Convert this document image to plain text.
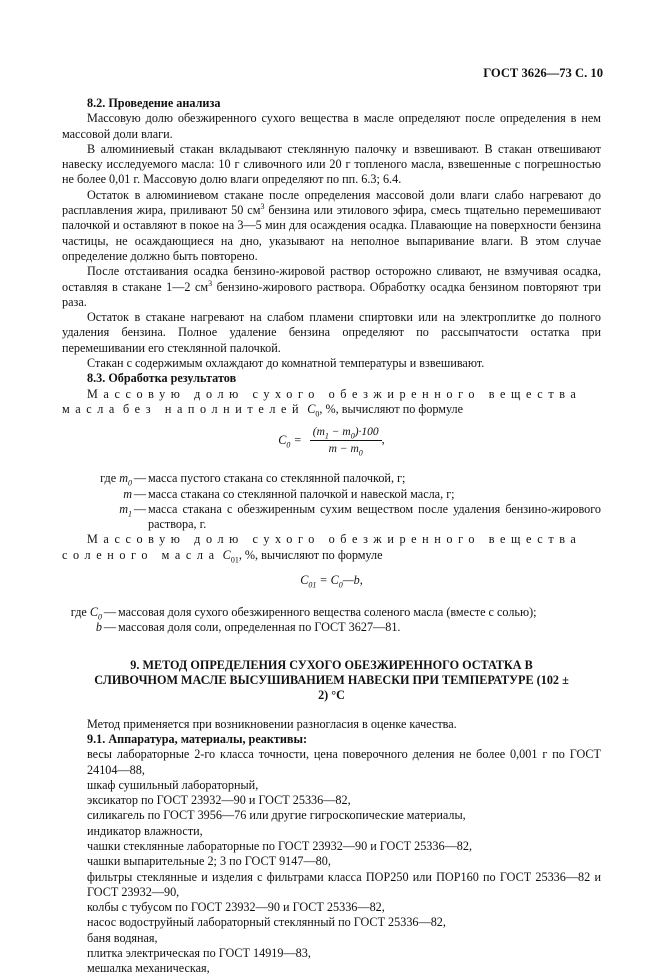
ГОСТ 3626—73 С. 10

8.2. Проведение анализа

Массовую долю обезжиренного сухого вещества в масле определяют после определения в нем массовой доли влаги.

В алюминиевый стакан вкладывают стеклянную палочку и взвешивают. В стакан отвешивают навеску исследуемого масла: 10 г сливочного или 20 г топленого масла, взвешенные с погрешностью не более 0,01 г. Массовую долю влаги определяют по пп. 6.3; 6.4.

Остаток в алюминиевом стакане после определения массовой доли влаги слабо нагревают до расплавления жира, приливают 50 $см^3$ бензина или этилового эфира, смесь тщательно перемешивают палочкой и оставляют в покое на 3—5 мин для осаждения осадка. Плавающие на поверхности бензина частицы, не осаждающиеся на дно, указывают на неполное выпаривание влаги. В этом случае определение должно быть повторено.

После отстаивания осадка бензино-жировой раствор осторожно сливают, не взмучивая осадка, оставляя в стакане 1—2 $см^3$ бензино-жирового раствора. Обработку осадка бензином повторяют три раза.

Остаток в стакане нагревают на слабом пламени спиртовки или на электроплитке до полного удаления бензина. Полное удаление бензина определяют по рассыпчатости остатка при перемешивании его стеклянной палочкой.

Стакан с содержимым охлаждают до комнатной температуры и взвешивают.

8.3. Обработка результатов

Массовую долю сухого обезжиренного вещества масла без наполнителей $C_0$, %, вычисляют по формуле

$C_0 = \frac{(m_1 - m_0)\cdot 100}{m - m_0}$ ,
где $m_0$ — масса пустого стакана со стеклянной палочкой, г;
m — масса стакана со стеклянной палочкой и навеской масла, г;
$m_1$ — масса стакана с обезжиренным сухим веществом после удаления бензино-жирового раствора, г.

Массовую долю сухого обезжиренного вещества соленого масла $C_{01}$, %, вычисляют по формуле

$C_{01}$ = $C_0—b$,
где $C_0$ — массовая доля сухого обезжиренного вещества соленого масла (вместе с солью);
b — массовая доля соли, определенная по ГОСТ 3627—81.

9. МЕТОД ОПРЕДЕЛЕНИЯ СУХОГО ОБЕЗЖИРЕННОГО ОСТАТКА В СЛИВОЧНОМ МАСЛЕ ВЫСУШИВАНИЕМ НАВЕСКИ ПРИ ТЕМПЕРАТУРЕ (102 ± 2) °С

Метод применяется при возникновении разногласия в оценке качества.

9.1. Аппаратура, материалы, реактивы:

весы лабораторные 2-го класса точности, цена поверочного деления не более 0,001 г по ГОСТ 24104—88,

шкаф сушильный лабораторный,

эксикатор по ГОСТ 23932—90 и ГОСТ 25336—82,

силикагель по ГОСТ 3956—76 или другие гигроскопические материалы,

индикатор влажности,

чашки стеклянные лабораторные по ГОСТ 23932—90 и ГОСТ 25336—82,

чашки выпарительные 2; 3 по ГОСТ 9147—80,

фильтры стеклянные и изделия с фильтрами класса ПОР250 или ПОР160 по ГОСТ 25336—82 и ГОСТ 23932—90,

колбы с тубусом по ГОСТ 23932—90 и ГОСТ 25336—82,

насос водоструйный лабораторный стеклянный по ГОСТ 25336—82,

баня водяная,

плитка электрическая по ГОСТ 14919—83,

мешалка механическая,
